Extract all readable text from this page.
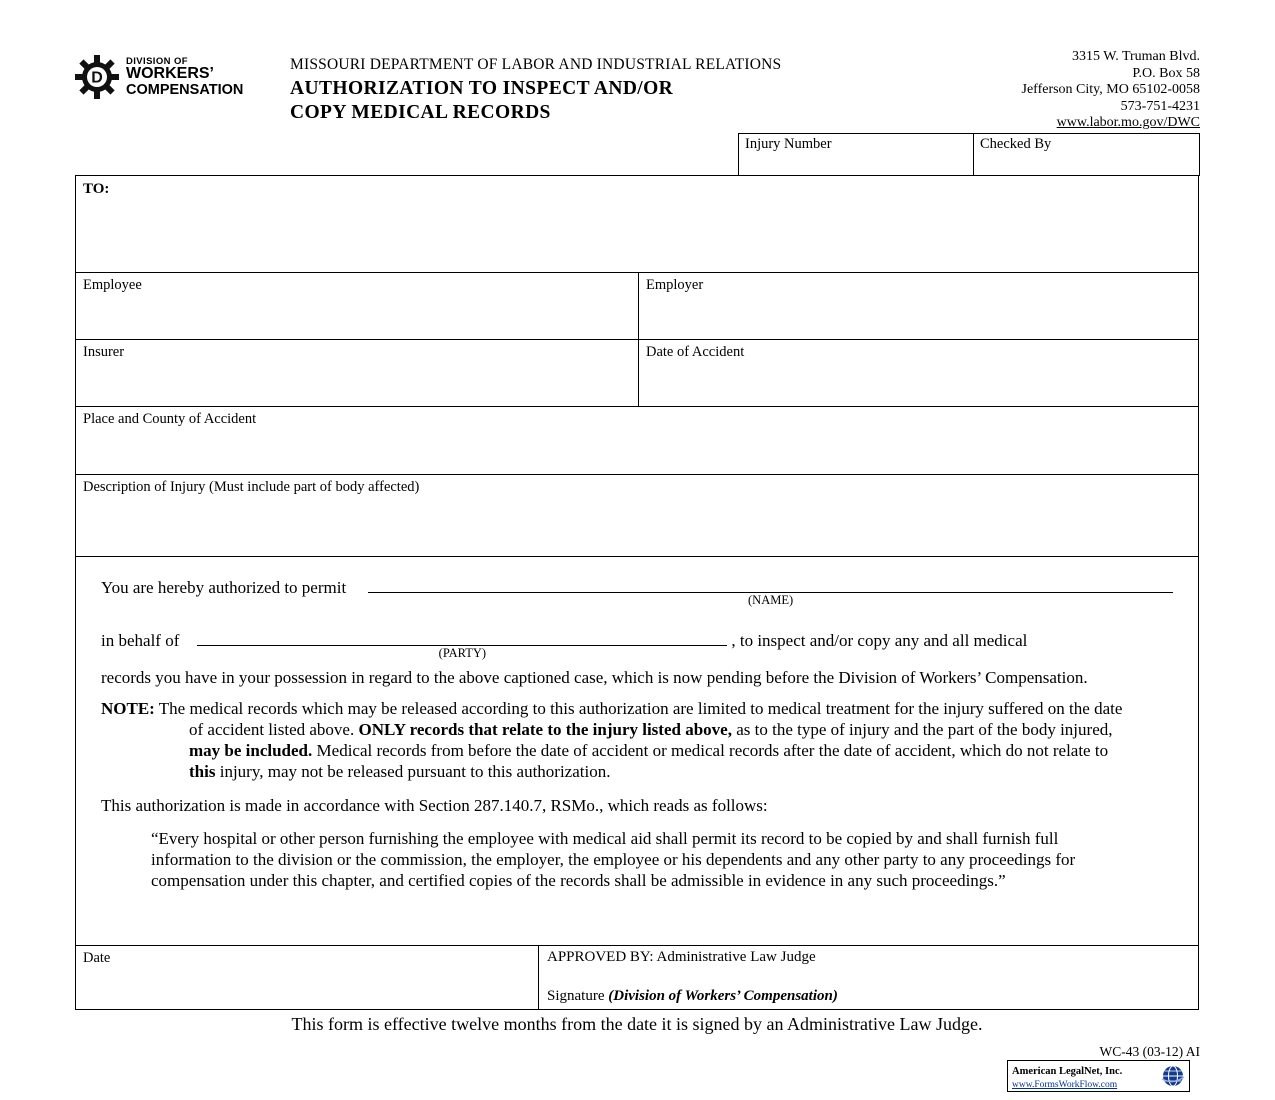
D
DIVISION OF
WORKERS’
COMPENSATION
MISSOURI DEPARTMENT OF LABOR AND INDUSTRIAL RELATIONS
AUTHORIZATION TO INSPECT AND/OR
COPY MEDICAL RECORDS
3315 W. Truman Blvd.
P.O. Box 58
Jefferson City, MO 65102-0058
573-751-4231
www.labor.mo.gov/DWC
Injury Number	Checked By
TO:
Employee	Employer
Insurer	Date of Accident
Place and County of Accident
Description of Injury (Must include part of body affected)
You are hereby authorized to permit
(NAME)
in behalf of
(PARTY)
, to inspect and/or copy any and all medical

records you have in your possession in regard to the above captioned case, which is now pending before the Division of Workers’ Compensation.

NOTE: The medical records which may be released according to this authorization are limited to medical treatment for the injury suffered on the date of accident listed above. ONLY records that relate to the injury listed above, as to the type of injury and the part of the body injured, may be included. Medical records from before the date of accident or medical records after the date of accident, which do not relate to this injury, may not be released pursuant to this authorization.

This authorization is made in accordance with Section 287.140.7, RSMo., which reads as follows:

“Every hospital or other person furnishing the employee with medical aid shall permit its record to be copied by and shall furnish full information to the division or the commission, the employer, the employee or his dependents and any other party to any proceedings for compensation under this chapter, and certified copies of the records shall be admissible in evidence in any such proceedings.”

Date	APPROVED BY: Administrative Law Judge
Signature (Division of Workers’ Compensation)
This form is effective twelve months from the date it is signed by an Administrative Law Judge.
WC-43 (03-12) AI
American LegalNet, Inc.
www.FormsWorkFlow.com
